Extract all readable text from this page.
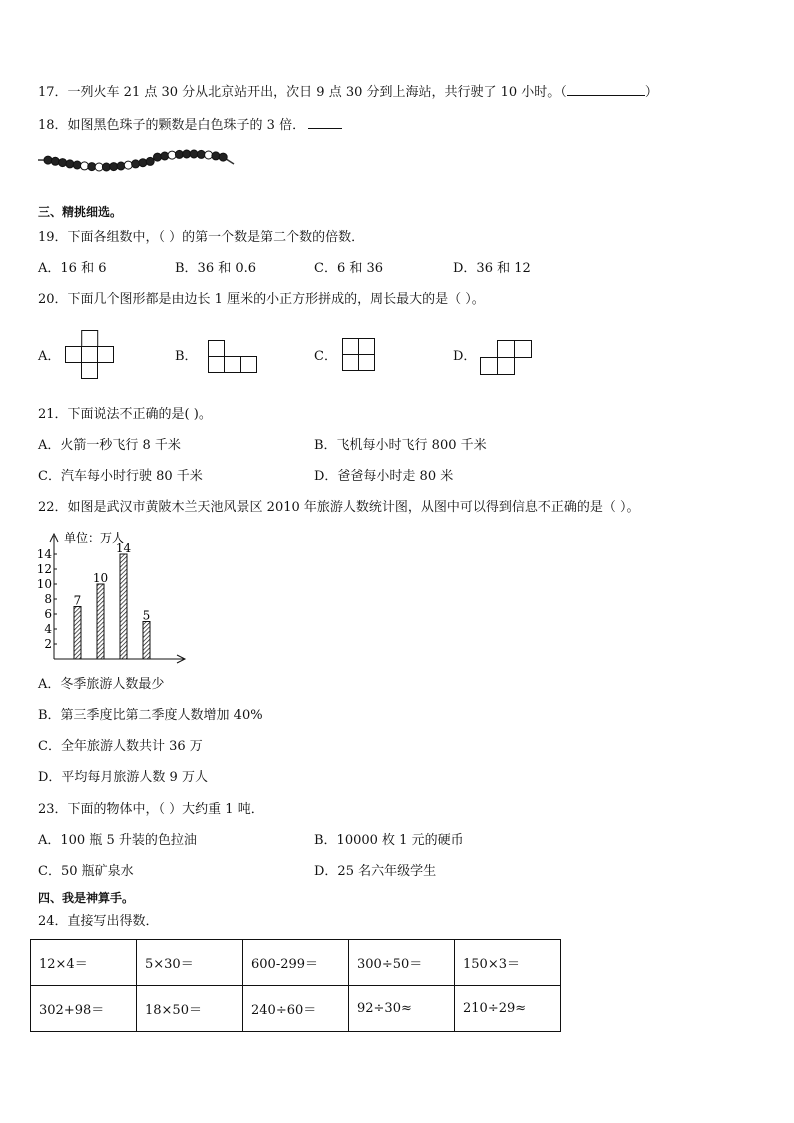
17．一列火车 21 点 30 分从北京站开出，次日 9 点 30 分到上海站，共行驶了 10 小时。（	）
18．如图黑色珠子的颗数是白色珠子的 3 倍．
三、精挑细选。
19．下面各组数中，（ ）的第一个数是第二个数的倍数．
A．16 和 6	B．36 和 0.6	C．6 和 36	D．36 和 12
20．下面几个图形都是由边长 1 厘米的小正方形拼成的，周长最大的是（ ）。
A．	B．	C．	D．
21．下面说法不正确的是( )。
A．火箭一秒飞行 8 千米	B．飞机每小时飞行 800 千米
C．汽车每小时行驶 80 千米	D．爸爸每小时走 80 米
22．如图是武汉市黄陂木兰天池风景区 2010 年旅游人数统计图，从图中可以得到信息不正确的是（ ）。
单位：万人
2
4
6
8
10
12
14
7
10
14
5
A．冬季旅游人数最少
B．第三季度比第二季度人数增加 40%
C．全年旅游人数共计 36 万
D．平均每月旅游人数 9 万人
23．下面的物体中，（ ）大约重 1 吨．
A．100 瓶 5 升装的色拉油	B．10000 枚 1 元的硬币
C．50 瓶矿泉水	D．25 名六年级学生
四、我是神算手。
24．直接写出得数．
12×4＝	5×30＝	600-299＝	300÷50＝	150×3＝
302+98＝	18×50＝	240÷60＝	92÷30≈	210÷29≈
